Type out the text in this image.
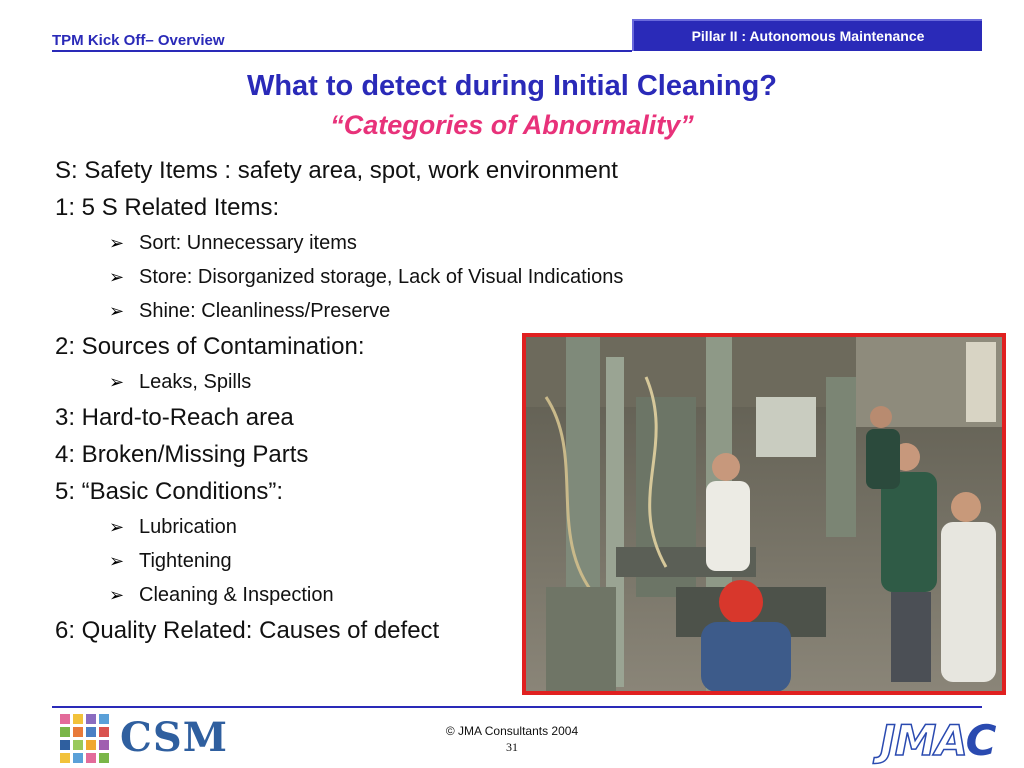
TPM Kick Off– Overview	Pillar II : Autonomous Maintenance
What to detect during Initial Cleaning?
“Categories of Abnormality”
S: Safety Items : safety area, spot, work environment
1: 5 S Related Items:
➢ Sort: Unnecessary items
➢ Store: Disorganized storage, Lack of Visual Indications
➢ Shine: Cleanliness/Preserve
2: Sources of Contamination:
➢ Leaks, Spills
3: Hard-to-Reach area
4: Broken/Missing Parts
5: “Basic Conditions”:
➢ Lubrication
➢ Tightening
➢ Cleaning & Inspection
6: Quality Related: Causes of defect
CSM	© JMA Consultants 2004
31	JMAC
